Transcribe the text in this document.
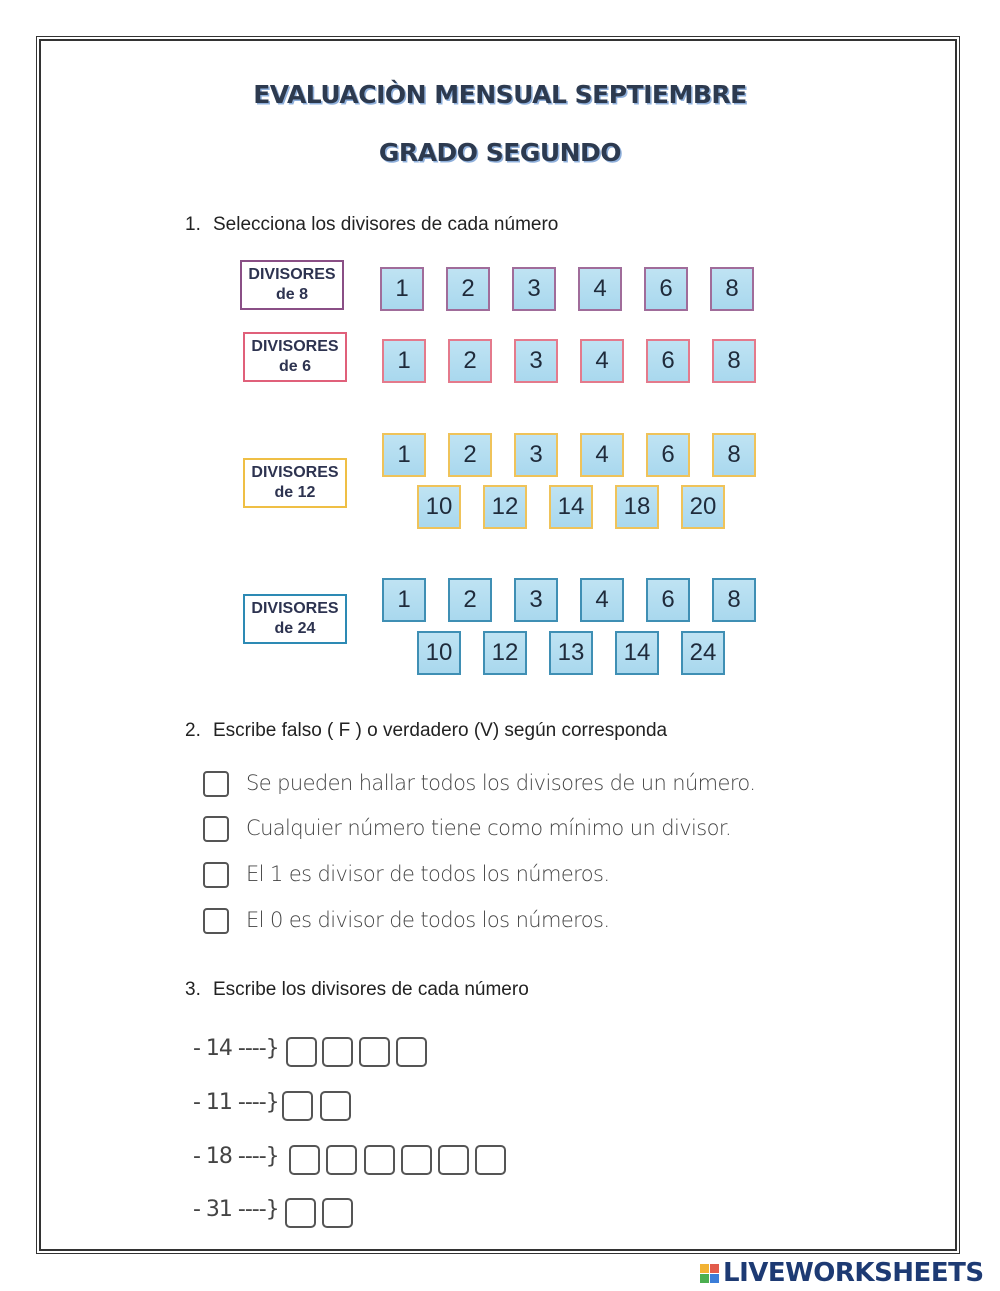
EVALUACIÒN MENSUAL SEPTIEMBRE
GRADO SEGUNDO
1. Selecciona los divisores de cada número
DIVISORES
de 8	1	2	3	4	6	8
DIVISORES
de 6	1	2	3	4	6	8
DIVISORES
de 12
1	2	3	4	6	8
10	12	14	18	20
DIVISORES
de 24
1	2	3	4	6	8
10	12	13	14	24
2. Escribe falso ( F ) o verdadero (V) según corresponda
Se pueden hallar todos los divisores de un número.
Cualquier número tiene como mínimo un divisor.
El 1 es divisor de todos los números.
El 0 es divisor de todos los números.
3. Escribe los divisores de cada número
- 14 ----}
- 11 ----}
- 18 ----}
- 31 ----}
LIVEWORKSHEETS
